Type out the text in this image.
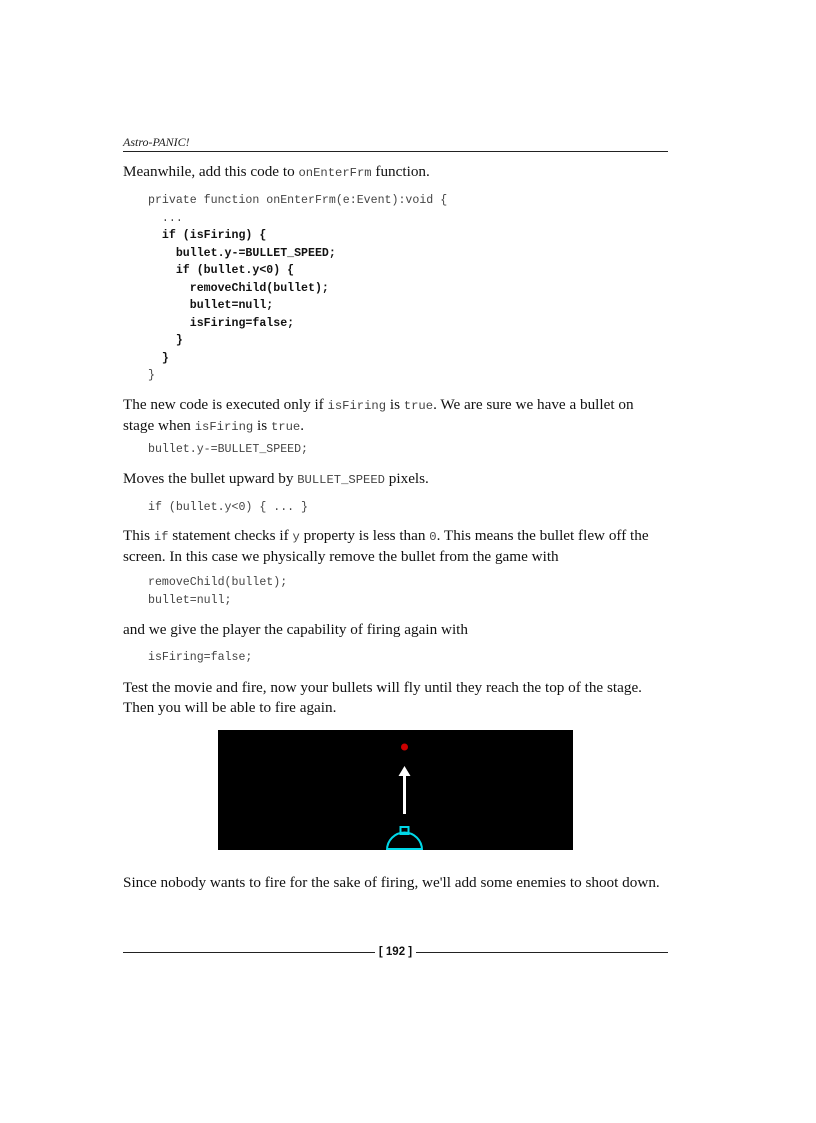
Astro-PANIC!
Meanwhile, add this code to onEnterFrm function.
private function onEnterFrm(e:Event):void {
...
if (isFiring) {
bullet.y-=BULLET_SPEED;
if (bullet.y<0) {
removeChild(bullet);
bullet=null;
isFiring=false;
}
}
}
The new code is executed only if isFiring is true. We are sure we have a bullet on stage when isFiring is true.
bullet.y-=BULLET_SPEED;
Moves the bullet upward by BULLET_SPEED pixels.
if (bullet.y<0) { ... }
This if statement checks if y property is less than 0. This means the bullet flew off the screen. In this case we physically remove the bullet from the game with
removeChild(bullet);
bullet=null;
and we give the player the capability of firing again with
isFiring=false;
Test the movie and fire, now your bullets will fly until they reach the top of the stage. Then you will be able to fire again.
Since nobody wants to fire for the sake of firing, we'll add some enemies to shoot down.
[ 192 ]
